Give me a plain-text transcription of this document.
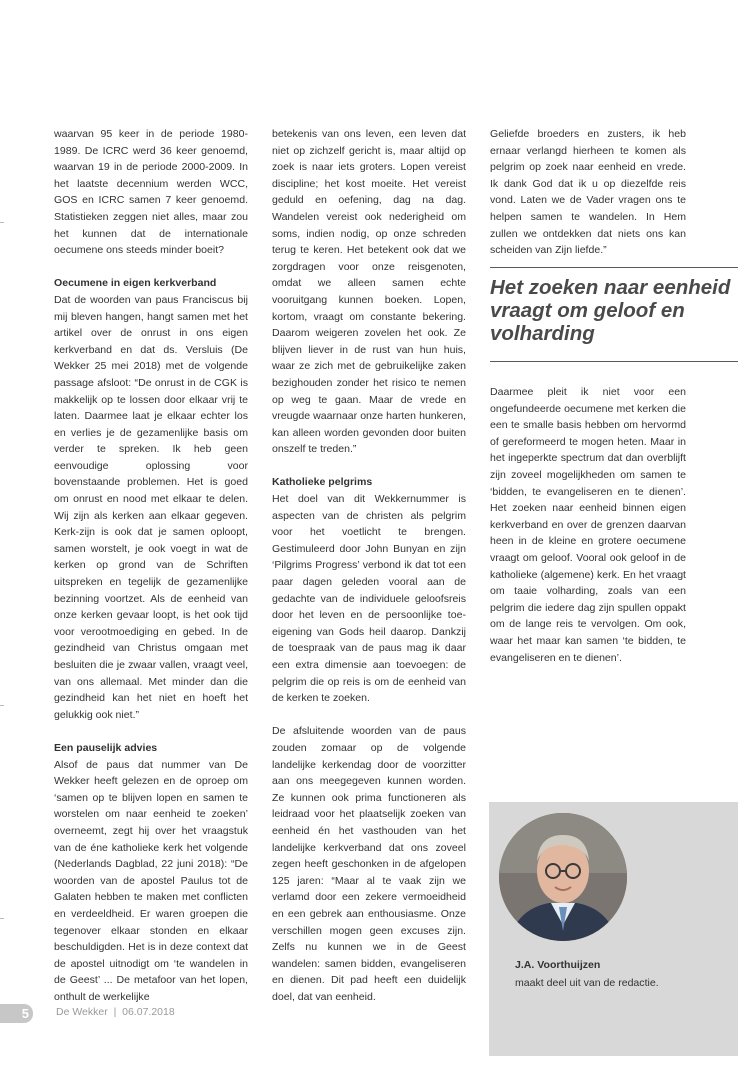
waarvan 95 keer in de periode 1980-1989. De ICRC werd 36 keer genoemd, waarvan 19 in de periode 2000-2009. In het laatste decennium werden WCC, GOS en ICRC samen 7 keer genoemd. Statistieken zeggen niet alles, maar zou het kunnen dat de internationale oecumene ons steeds minder boeit?

Oecumene in eigen kerkverband

Dat de woorden van paus Franciscus bij mij bleven hangen, hangt samen met het artikel over de onrust in ons eigen kerkverband en dat ds. Versluis (De Wekker 25 mei 2018) met de volgende passage afsloot: “De onrust in de CGK is makkelijk op te lossen door elkaar vrij te laten. Daarmee laat je elkaar echter los en verlies je de gezamenlijke basis om verder te spreken. Ik heb geen eenvoudige oplossing voor bovenstaande problemen. Het is goed om onrust en nood met elkaar te delen. Wij zijn als kerken aan elkaar gegeven. Kerk-zijn is ook dat je samen oploopt, samen worstelt, je ook voegt in wat de kerken op grond van de Schriften uitspreken en tegelijk de gezamenlijke bezinning voortzet. Als de eenheid van onze kerken gevaar loopt, is het ook tijd voor verootmoediging en gebed. In de gezindheid van Christus omgaan met besluiten die je zwaar vallen, vraagt veel, van ons allemaal. Met minder dan die gezindheid kan het niet en hoeft het gelukkig ook niet.”

Een pauselijk advies

Alsof de paus dat nummer van De Wekker heeft gelezen en de oproep om ‘samen op te blijven lopen en samen te worstelen om naar eenheid te zoeken’ overneemt, zegt hij over het vraagstuk van de éne katholieke kerk het volgende (Nederlands Dagblad, 22 juni 2018): “De woorden van de apostel Paulus tot de Galaten hebben te maken met conflicten en verdeeldheid. Er waren groepen die tegenover elkaar stonden en elkaar beschuldigden. Het is in deze context dat de apostel uitnodigt om ‘te wandelen in de Geest’ ... De metafoor van het lopen, onthult de werkelijke

betekenis van ons leven, een leven dat niet op zichzelf gericht is, maar altijd op zoek is naar iets groters. Lopen vereist discipline; het kost moeite. Het vereist geduld en oefening, dag na dag. Wandelen vereist ook nederigheid om soms, indien nodig, op onze schreden terug te keren. Het betekent ook dat we zorgdragen voor onze reisgenoten, omdat we alleen samen echte vooruitgang kunnen boeken. Lopen, kortom, vraagt om constante bekering. Daarom weigeren zovelen het ook. Ze blijven liever in de rust van hun huis, waar ze zich met de gebruikelijke zaken bezighouden zonder het risico te nemen op weg te gaan. Maar de vrede en vreugde waarnaar onze harten hunkeren, kan alleen worden gevonden door buiten onszelf te treden.”

Katholieke pelgrims

Het doel van dit Wekkernummer is aspecten van de christen als pelgrim voor het voetlicht te brengen. Gestimuleerd door John Bunyan en zijn ‘Pilgrims Progress’ verbond ik dat tot een paar dagen geleden vooral aan de gedachte van de individuele geloofsreis door het leven en de persoonlijke toe-eigening van Gods heil daarop. Dankzij de toespraak van de paus mag ik daar een extra dimensie aan toevoegen: de pelgrim die op reis is om de eenheid van de kerken te zoeken.

De afsluitende woorden van de paus zouden zomaar op de volgende landelijke kerkendag door de voorzitter aan ons meegegeven kunnen worden. Ze kunnen ook prima functioneren als leidraad voor het plaatselijk zoeken van eenheid én het vasthouden van het landelijke kerkverband dat ons zoveel zegen heeft geschonken in de afgelopen 125 jaren: “Maar al te vaak zijn we verlamd door een zekere vermoeidheid en een gebrek aan enthousiasme. Onze verschillen mogen geen excuses zijn. Zelfs nu kunnen we in de Geest wandelen: samen bidden, evangeliseren en dienen. Dit pad heeft een duidelijk doel, dat van eenheid.

Geliefde broeders en zusters, ik heb ernaar verlangd hierheen te komen als pelgrim op zoek naar eenheid en vrede. Ik dank God dat ik u op diezelfde reis vond. Laten we de Vader vragen ons te helpen samen te wandelen. In Hem zullen we ontdekken dat niets ons kan scheiden van Zijn liefde.”

Het zoeken naar eenheid vraagt om geloof en volharding

Daarmee pleit ik niet voor een ongefundeerde oecumene met kerken die een te smalle basis hebben om hervormd of gereformeerd te mogen heten. Maar in het ingeperkte spectrum dat dan overblijft zijn zoveel mogelijkheden om samen te ‘bidden, te evangeliseren en te dienen’. Het zoeken naar eenheid binnen eigen kerkverband en over de grenzen daarvan heen in de kleine en grotere oecumene vraagt om geloof. Vooral ook geloof in de katholieke (algemene) kerk. En het vraagt om taaie volharding, zoals van een pelgrim die iedere dag zijn spullen oppakt om de lange reis te vervolgen. Om ook, waar het maar kan samen ‘te bidden, te evangeliseren en te dienen’.

J.A. Voorthuijzen
maakt deel uit van de redactie.
5	De Wekker  |  06.07.2018
